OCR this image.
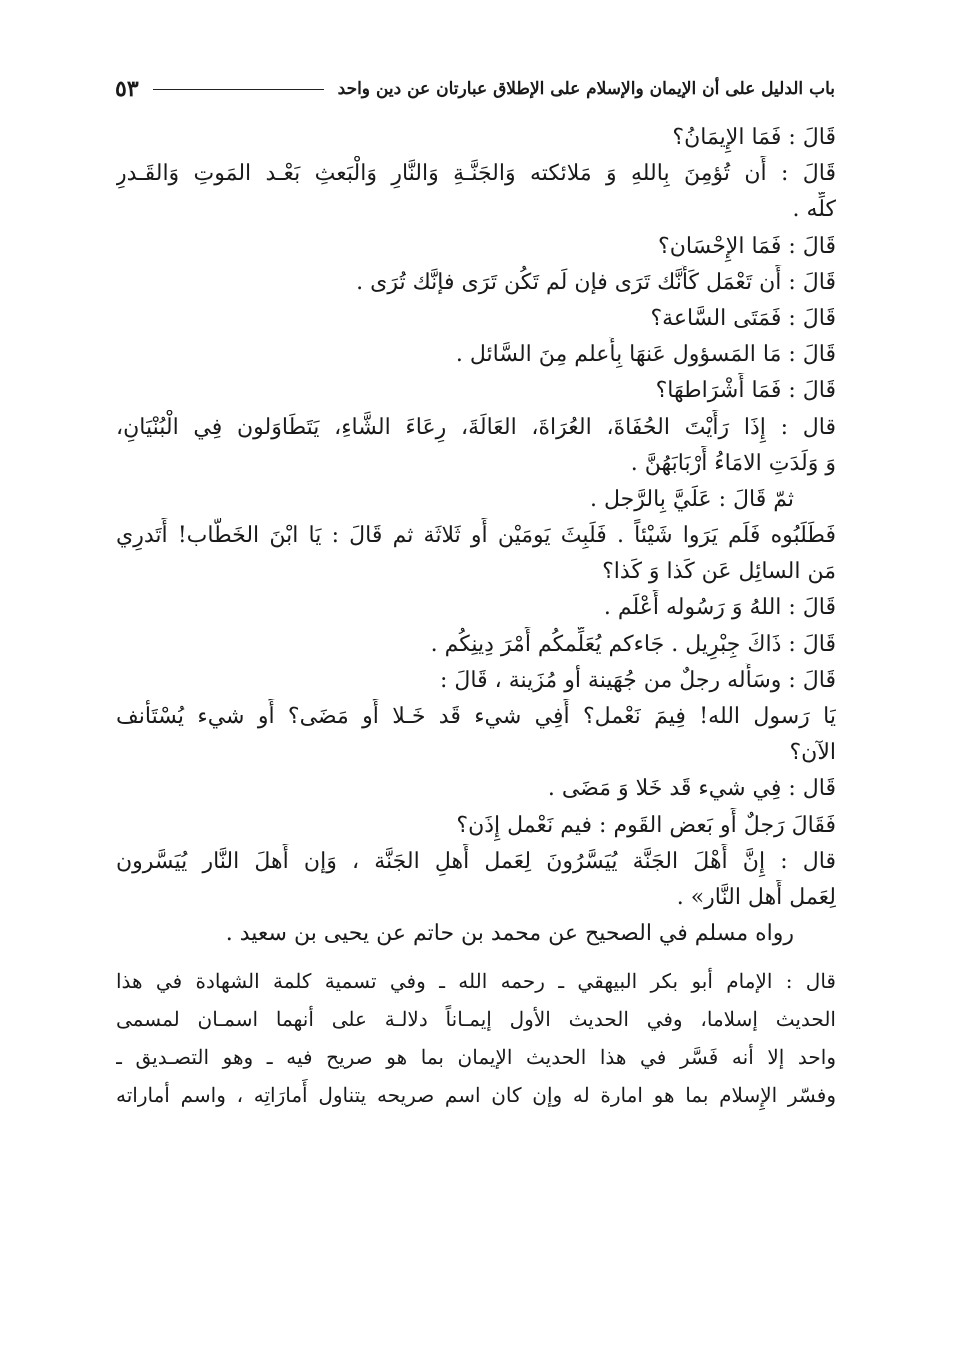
باب الدليل على أن الإيمان والإسلام على الإطلاق عبارتان عن دين واحد
٥٣
قَالَ : فَمَا الإِيمَانُ؟
قَالَ : أَن تُؤمِنَ بِاللهِ وَ مَلائكته وَالجَنَّـةِ وَالنَّارِ وَالْبَعثِ بَعْـد المَوتِ وَالقَـدرِ
كلِّه .
قَالَ : فَمَا الإِحْسَان؟
قَالَ : أَن تَعْمَل كَأَنَّك تَرَى فإن لَم تَكُن تَرَى فإنَّك تُرَى .
قَالَ : فَمَتَى السَّاعة؟
قَالَ : مَا المَسؤول عَنهَا بِأَعلم مِنَ السَّائل .
قَالَ : فَمَا أَشْرَاطهَا؟
قال : إِذَا رَأَيْتَ الحُفَاةَ، العُرَاةَ، العَالَةَ، رِعَاءَ الشَّاءِ، يَتَطَاوَلون فِي الْبُنْيَانِ،
وَ وَلَدَتِ الامَاءُ أَرْبَابَهُنَّ .
ثمّ قَالَ : عَلَيَّ بِالرَّجل .
فَطَلَبُوه فَلَم يَرَوا شَيْئاً . فَلَبِثَ يَومَيْن أَو ثَلاثَة ثم قَالَ : يَا ابْنَ الخَطَّاب! أَتَدرِي
مَن السائِل عَن كَذا وَ كَذا؟
قَالَ : اللهُ وَ رَسُوله أَعْلَم .
قَالَ : ذَاكَ جِبْرِيل . جَاءكم يُعَلِّمكُم أَمْرَ دِينِكُم .
قَالَ : وسَأَله رجلٌ من جُهَينة أو مُزَينة ، قَالَ :
يَا رَسول الله! فِيمَ نَعْمل؟ أَفِي شيء قَد خَـلا أَو مَضَى؟ أَو شيء يُسْتَأنف
الآن؟
قَال : فِي شيء قَد خَلا وَ مَضَى .
فَقَالَ رَجلٌ أَو بَعض القَوم : فيم نَعْمل إِذَن؟
قال : إِنَّ أَهْلَ الجَنَّة يُيَسَّرُونَ لِعَمل أَهلِ الجَنَّة ، وَإن أَهلَ النَّار يُيَسَّرون
لِعَمل أَهل النَّار» .
رواه مسلم في الصحيح عن محمد بن حاتم عن يحيى بن سعيد .
قال : الإمام أبو بكر البيهقي ـ رحمه الله ـ وفي تسمية كلمة الشهادة في هذا
الحديث إسلاما، وفي الحديث الأول إيمـاناً دلالـة على أنهما اسمـان لمسمى
واحد إلا أنه فَسَّر في هذا الحديث الإيمان بما هو صريح فيه ـ وهو التصـديق ـ
وفسّر الإِسلام بما هو امارة له وإن كان اسم صريحه يتناول أَمارَاتِه ، واسم أماراته
